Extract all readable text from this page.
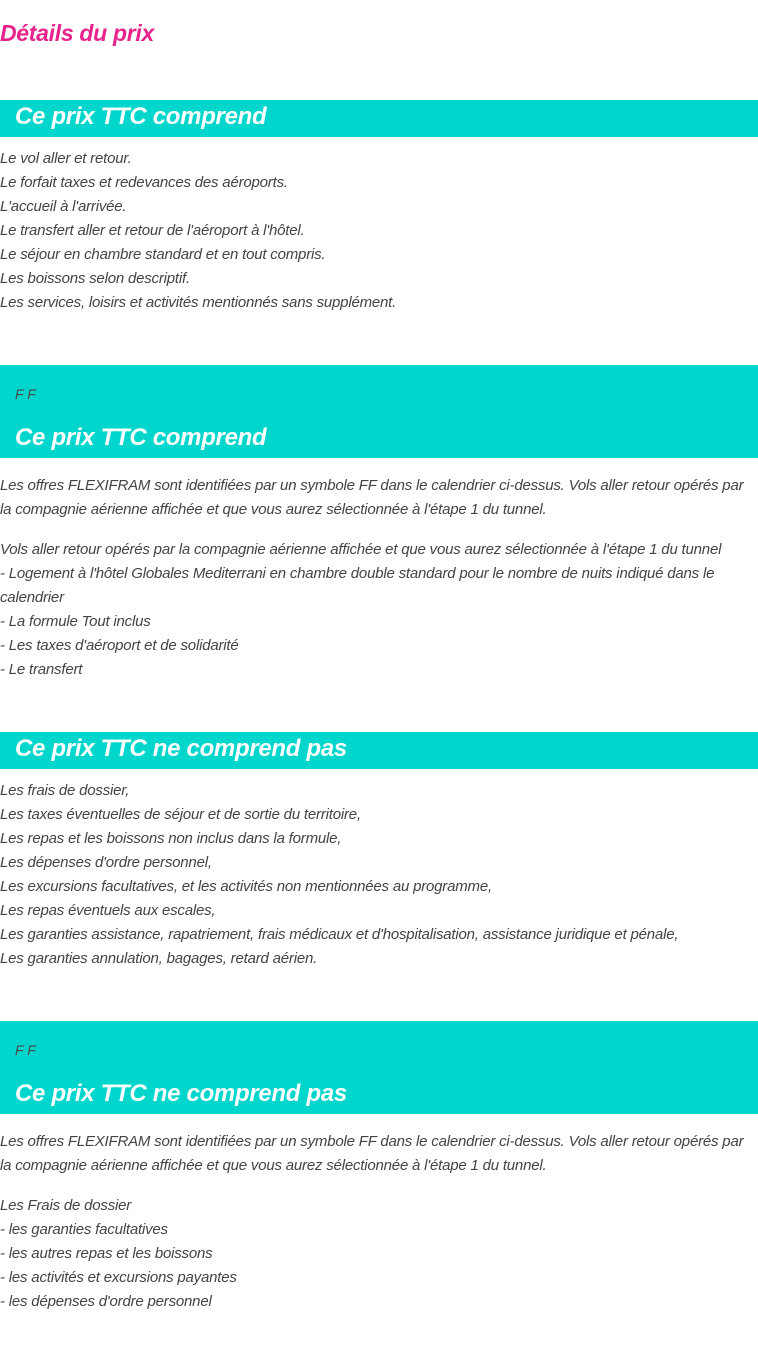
Détails du prix
Ce prix TTC comprend
Le vol aller et retour.
Le forfait taxes et redevances des aéroports.
L'accueil à l'arrivée.
Le transfert aller et retour de l'aéroport à l'hôtel.
Le séjour en chambre standard et en tout compris.
Les boissons selon descriptif.
Les services, loisirs et activités mentionnés sans supplément.
F F
Ce prix TTC comprend

Les offres FLEXIFRAM sont identifiées par un symbole FF dans le calendrier ci-dessus. Vols aller retour opérés par la compagnie aérienne affichée et que vous aurez sélectionnée à l'étape 1 du tunnel.

Vols aller retour opérés par la compagnie aérienne affichée et que vous aurez sélectionnée à l'étape 1 du tunnel
- Logement à l'hôtel Globales Mediterrani en chambre double standard pour le nombre de nuits indiqué dans le calendrier
- La formule Tout inclus
- Les taxes d'aéroport et de solidarité
- Le transfert
Ce prix TTC ne comprend pas
Les frais de dossier,
Les taxes éventuelles de séjour et de sortie du territoire,
Les repas et les boissons non inclus dans la formule,
Les dépenses d'ordre personnel,
Les excursions facultatives, et les activités non mentionnées au programme,
Les repas éventuels aux escales,
Les garanties assistance, rapatriement, frais médicaux et d'hospitalisation, assistance juridique et pénale,
Les garanties annulation, bagages, retard aérien.
F F
Ce prix TTC ne comprend pas

Les offres FLEXIFRAM sont identifiées par un symbole FF dans le calendrier ci-dessus. Vols aller retour opérés par la compagnie aérienne affichée et que vous aurez sélectionnée à l'étape 1 du tunnel.

Les Frais de dossier
- les garanties facultatives
- les autres repas et les boissons
- les activités et excursions payantes
- les dépenses d'ordre personnel
